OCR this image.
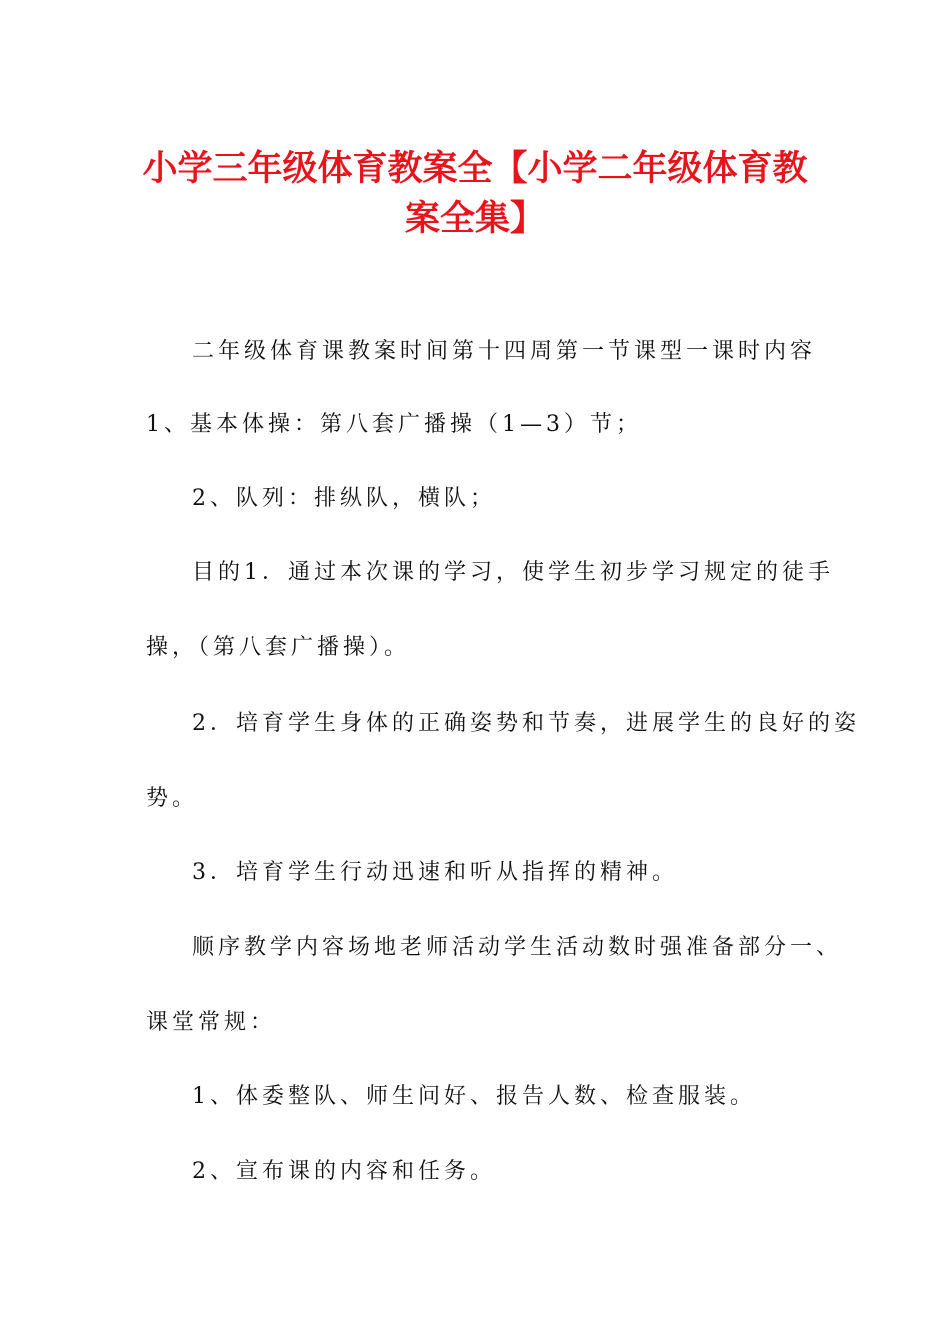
小学三年级体育教案全【小学二年级体育教案全集】
二年级体育课教案时间第十四周第一节课型一课时内容
1、基本体操：第八套广播操（1—3）节；
2、队列：排纵队，横队；
目的1．通过本次课的学习，使学生初步学习规定的徒手
操，（第八套广播操）。
2．培育学生身体的正确姿势和节奏，进展学生的良好的姿
势。
3．培育学生行动迅速和听从指挥的精神。
顺序教学内容场地老师活动学生活动数时强准备部分一、
课堂常规：
1、体委整队、师生问好、报告人数、检查服装。
2、宣布课的内容和任务。
